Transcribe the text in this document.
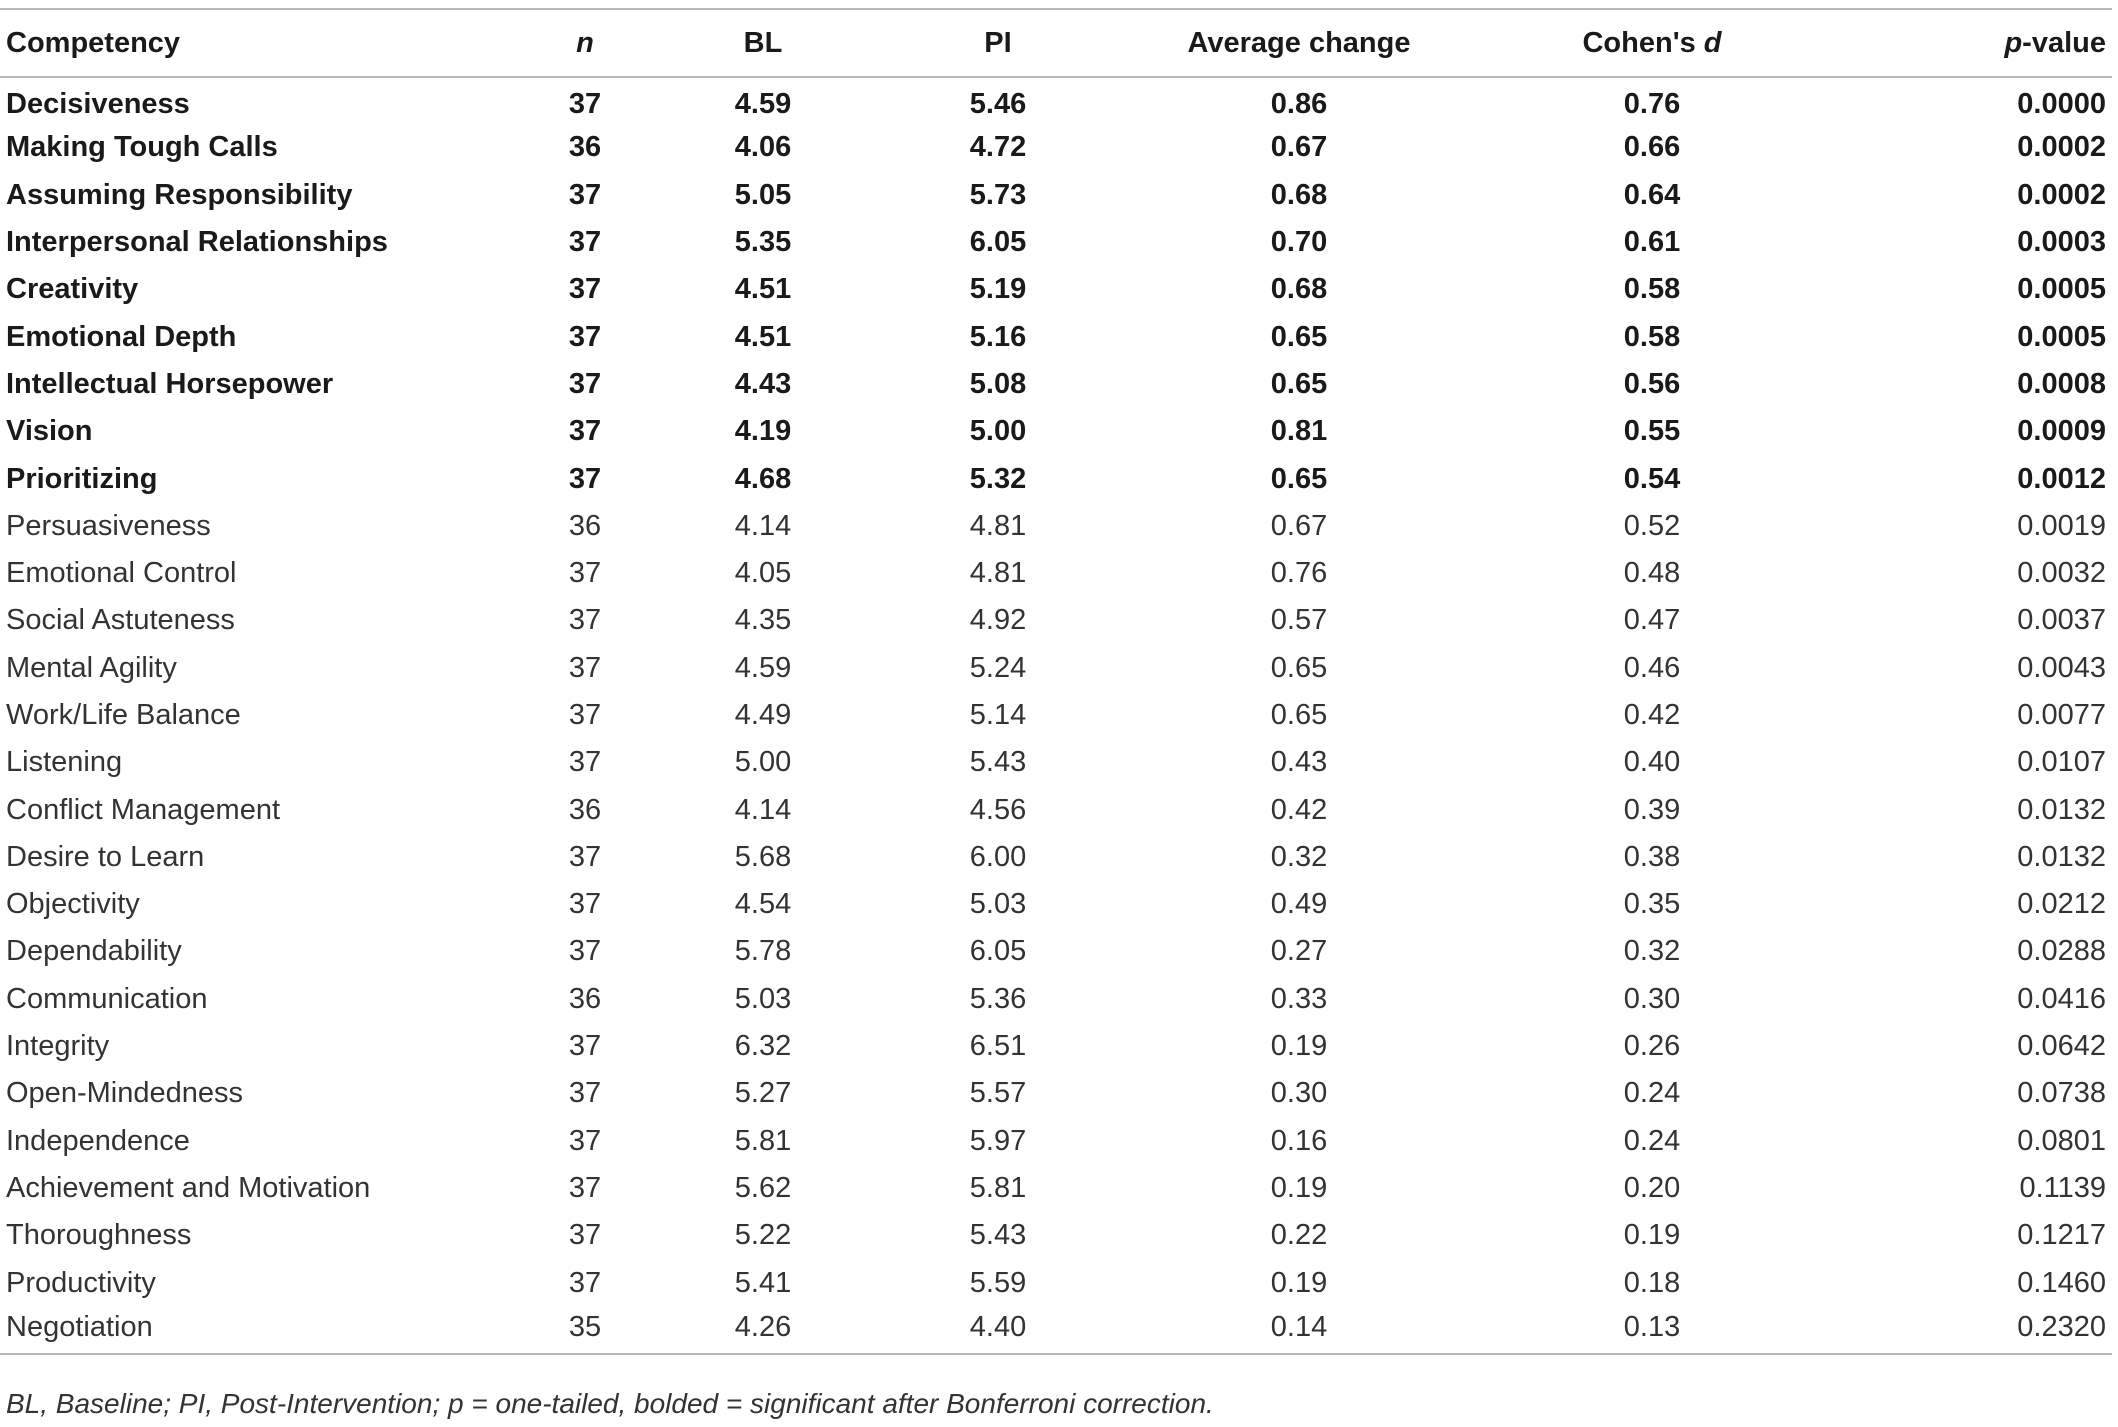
Competency	n	BL	PI	Average change	Cohen's d	p-value
Decisiveness	37	4.59	5.46	0.86	0.76	0.0000
Making Tough Calls	36	4.06	4.72	0.67	0.66	0.0002
Assuming Responsibility	37	5.05	5.73	0.68	0.64	0.0002
Interpersonal Relationships	37	5.35	6.05	0.70	0.61	0.0003
Creativity	37	4.51	5.19	0.68	0.58	0.0005
Emotional Depth	37	4.51	5.16	0.65	0.58	0.0005
Intellectual Horsepower	37	4.43	5.08	0.65	0.56	0.0008
Vision	37	4.19	5.00	0.81	0.55	0.0009
Prioritizing	37	4.68	5.32	0.65	0.54	0.0012
Persuasiveness	36	4.14	4.81	0.67	0.52	0.0019
Emotional Control	37	4.05	4.81	0.76	0.48	0.0032
Social Astuteness	37	4.35	4.92	0.57	0.47	0.0037
Mental Agility	37	4.59	5.24	0.65	0.46	0.0043
Work/Life Balance	37	4.49	5.14	0.65	0.42	0.0077
Listening	37	5.00	5.43	0.43	0.40	0.0107
Conflict Management	36	4.14	4.56	0.42	0.39	0.0132
Desire to Learn	37	5.68	6.00	0.32	0.38	0.0132
Objectivity	37	4.54	5.03	0.49	0.35	0.0212
Dependability	37	5.78	6.05	0.27	0.32	0.0288
Communication	36	5.03	5.36	0.33	0.30	0.0416
Integrity	37	6.32	6.51	0.19	0.26	0.0642
Open-Mindedness	37	5.27	5.57	0.30	0.24	0.0738
Independence	37	5.81	5.97	0.16	0.24	0.0801
Achievement and Motivation	37	5.62	5.81	0.19	0.20	0.1139
Thoroughness	37	5.22	5.43	0.22	0.19	0.1217
Productivity	37	5.41	5.59	0.19	0.18	0.1460
Negotiation	35	4.26	4.40	0.14	0.13	0.2320
BL, Baseline; PI, Post-Intervention; p = one-tailed, bolded = significant after Bonferroni correction.
